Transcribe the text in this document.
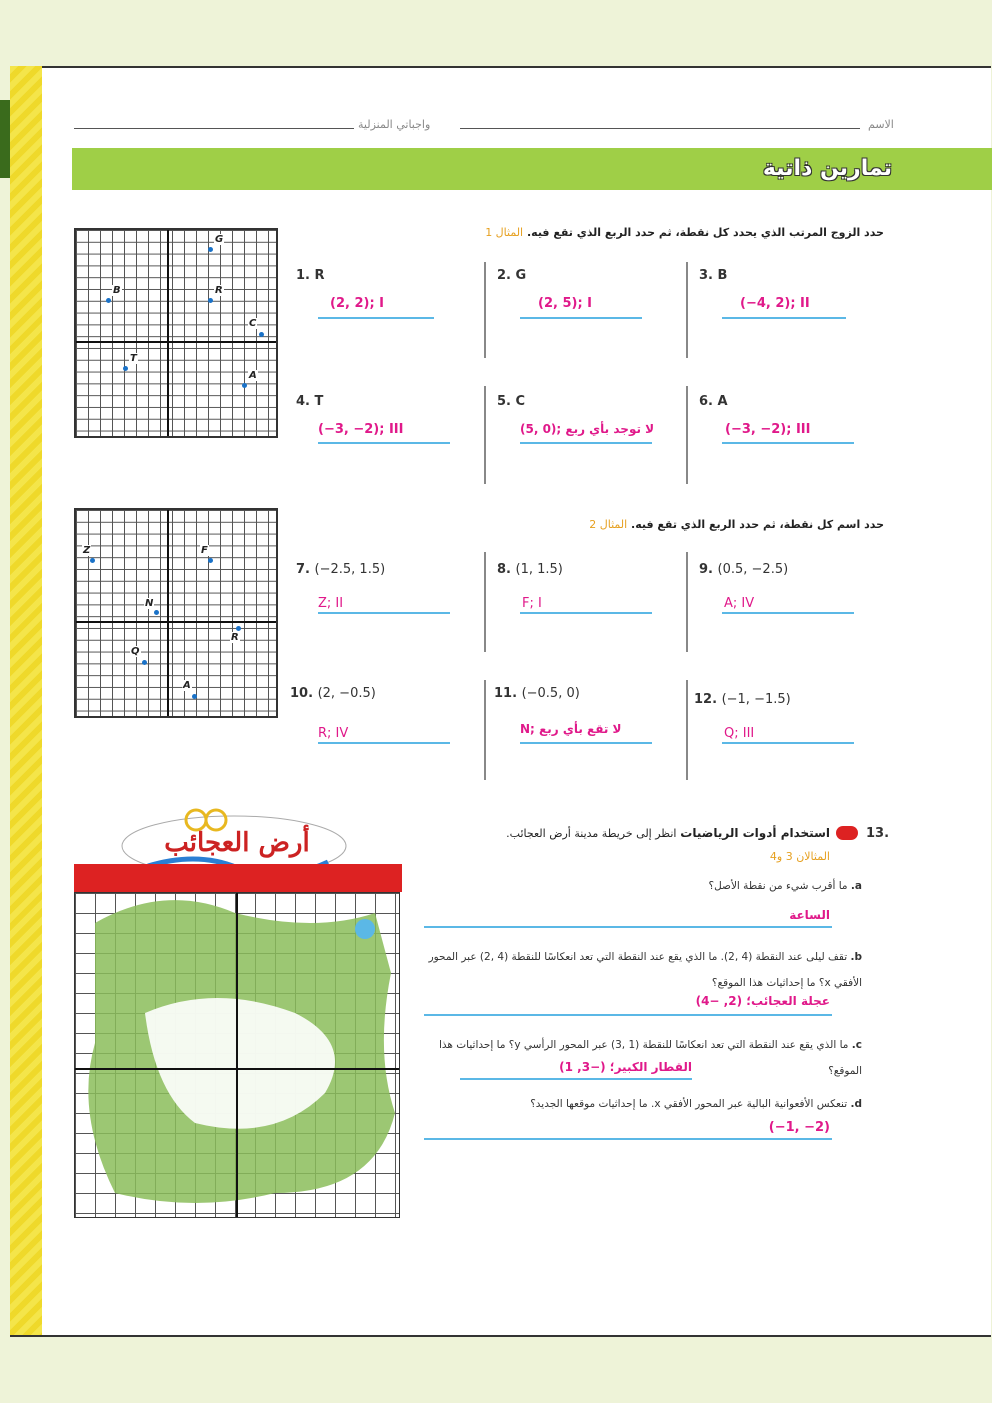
الاسم
واجباتي المنزلية
تمارين ذاتية
حدد الزوج المرتب الذي يحدد كل نقطة، ثم حدد الربع الذي تقع فيه. المثال 1
G
B	R
C
T
A
1. R
(2, 2); I
2. G
(2, 5); I
3. B
(−4, 2); II
4. T
(−3, −2); III
5. C
(5, 0); لا توجد بأي ربع
6. A
(−3, −2); III
حدد اسم كل نقطة، ثم حدد الربع الذي تقع فيه. المثال 2
Z	F
N
R
Q
A
7. (−2.5, 1.5)
Z; II
8. (1, 1.5)
F; I
9. (0.5, −2.5)
A; IV
10. (2, −0.5)
R; IV
11. (−0.5, 0)
N; لا تقع بأي ربع
12. (−1, −1.5)
Q; III
أرض العجائب	13.
استخدام أدوات الرياضيات انظر إلى خريطة مدينة أرض العجائب.
المثالان 3 و4
a. ما أقرب شيء من نقطة الأصل؟
الساعة
b. تقف ليلى عند النقطة (4 ,2). ما الذي يقع عند النقطة التي تعد انعكاسًا للنقطة (4 ,2) عبر المحور الأفقي x؟ ما إحداثيات هذا الموقع؟
عجلة العجائب؛ (2, −4)
c. ما الذي يقع عند النقطة التي تعد انعكاسًا للنقطة (1 ,3) عبر المحور الرأسي y؟ ما إحداثيات هذا الموقع؟
القطار الكبير؛ (−3, 1)
d. تنعكس الأفعوانية البالية عبر المحور الأفقي x. ما إحداثيات موقعها الجديد؟
(−1, −2)
